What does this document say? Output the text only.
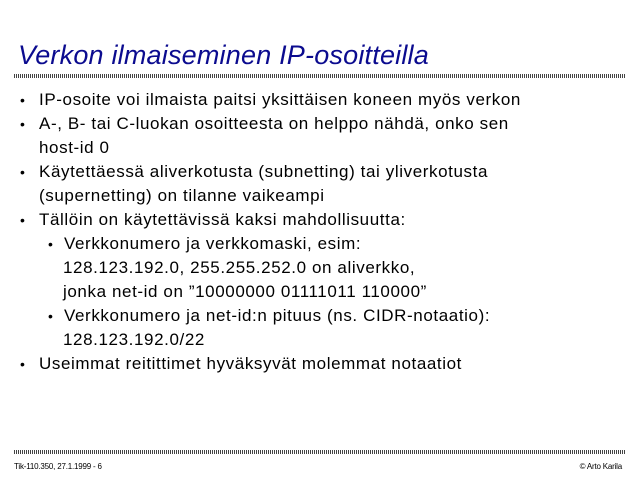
Verkon ilmaiseminen IP-osoitteilla
• IP-osoite voi ilmaista paitsi yksittäisen koneen myös verkon
• A-, B- tai C-luokan osoitteesta on helppo nähdä, onko sen
host-id 0
• Käytettäessä aliverkotusta (subnetting) tai yliverkotusta
(supernetting) on tilanne vaikeampi
• Tällöin on käytettävissä kaksi mahdollisuutta:
• Verkkonumero ja verkkomaski, esim:
128.123.192.0, 255.255.252.0 on aliverkko,
jonka net-id on ”10000000 01111011 110000”
• Verkkonumero ja net-id:n pituus (ns. CIDR-notaatio):
128.123.192.0/22
• Useimmat reitittimet hyväksyvät molemmat notaatiot
Tik-110.350, 27.1.1999 - 6	© Arto Karila
